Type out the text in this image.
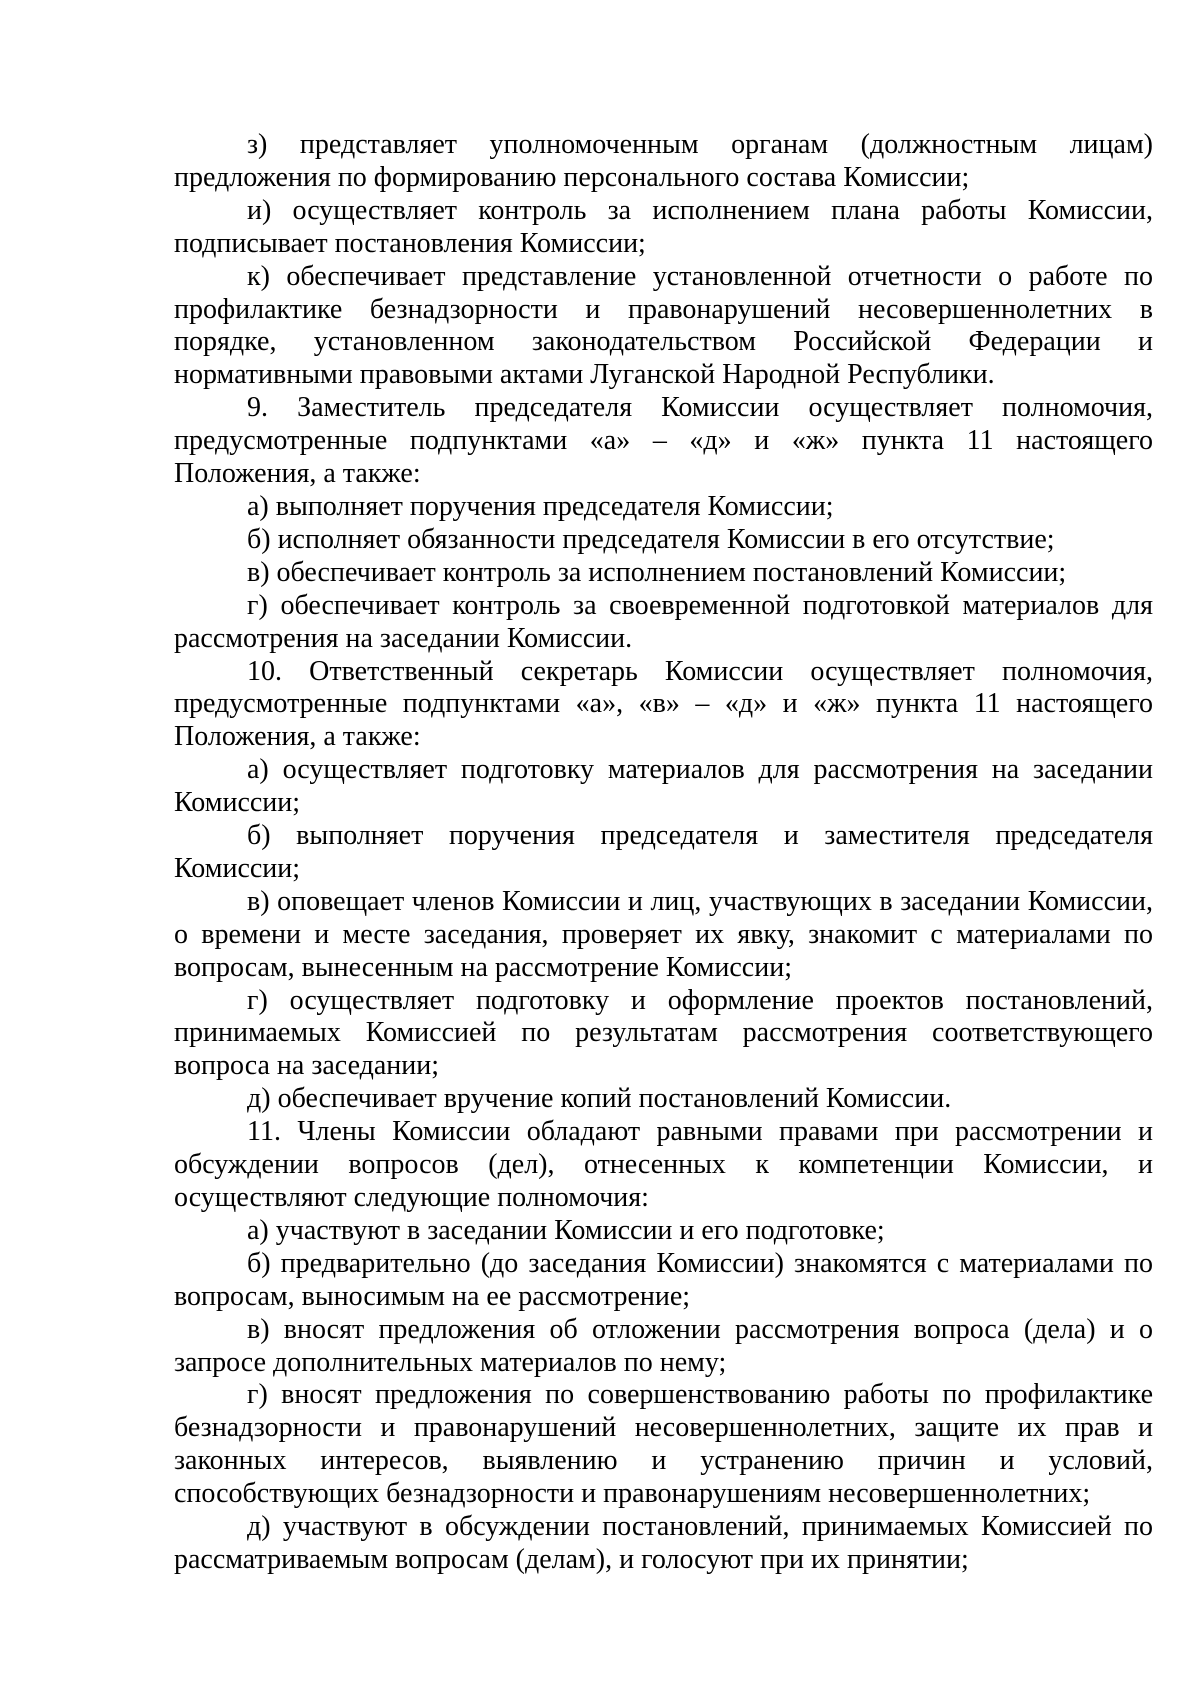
з) представляет уполномоченным органам (должностным лицам) предложения по формированию персонального состава Комиссии;

и) осуществляет контроль за исполнением плана работы Комиссии, подписывает постановления Комиссии;

к) обеспечивает представление установленной отчетности о работе по профилактике безнадзорности и правонарушений несовершеннолетних в порядке, установленном законодательством Российской Федерации и нормативными правовыми актами Луганской Народной Республики.

9. Заместитель председателя Комиссии осуществляет полномочия, предусмотренные подпунктами «а» – «д» и «ж» пункта 11 настоящего Положения, а также:

а) выполняет поручения председателя Комиссии;

б) исполняет обязанности председателя Комиссии в его отсутствие;

в) обеспечивает контроль за исполнением постановлений Комиссии;

г) обеспечивает контроль за своевременной подготовкой материалов для рассмотрения на заседании Комиссии.

10. Ответственный секретарь Комиссии осуществляет полномочия, предусмотренные подпунктами «а», «в» – «д» и «ж» пункта 11 настоящего Положения, а также:

а) осуществляет подготовку материалов для рассмотрения на заседании Комиссии;

б) выполняет поручения председателя и заместителя председателя Комиссии;

в) оповещает членов Комиссии и лиц, участвующих в заседании Комиссии, о времени и месте заседания, проверяет их явку, знакомит с материалами по вопросам, вынесенным на рассмотрение Комиссии;

г) осуществляет подготовку и оформление проектов постановлений, принимаемых Комиссией по результатам рассмотрения соответствующего вопроса на заседании;

д) обеспечивает вручение копий постановлений Комиссии.

11. Члены Комиссии обладают равными правами при рассмотрении и обсуждении вопросов (дел), отнесенных к компетенции Комиссии, и осуществляют следующие полномочия:

а) участвуют в заседании Комиссии и его подготовке;

б) предварительно (до заседания Комиссии) знакомятся с материалами по вопросам, выносимым на ее рассмотрение;

в) вносят предложения об отложении рассмотрения вопроса (дела) и о запросе дополнительных материалов по нему;

г) вносят предложения по совершенствованию работы по профилактике безнадзорности и правонарушений несовершеннолетних, защите их прав и законных интересов, выявлению и устранению причин и условий, способствующих безнадзорности и правонарушениям несовершеннолетних;

д) участвуют в обсуждении постановлений, принимаемых Комиссией по рассматриваемым вопросам (делам), и голосуют при их принятии;
